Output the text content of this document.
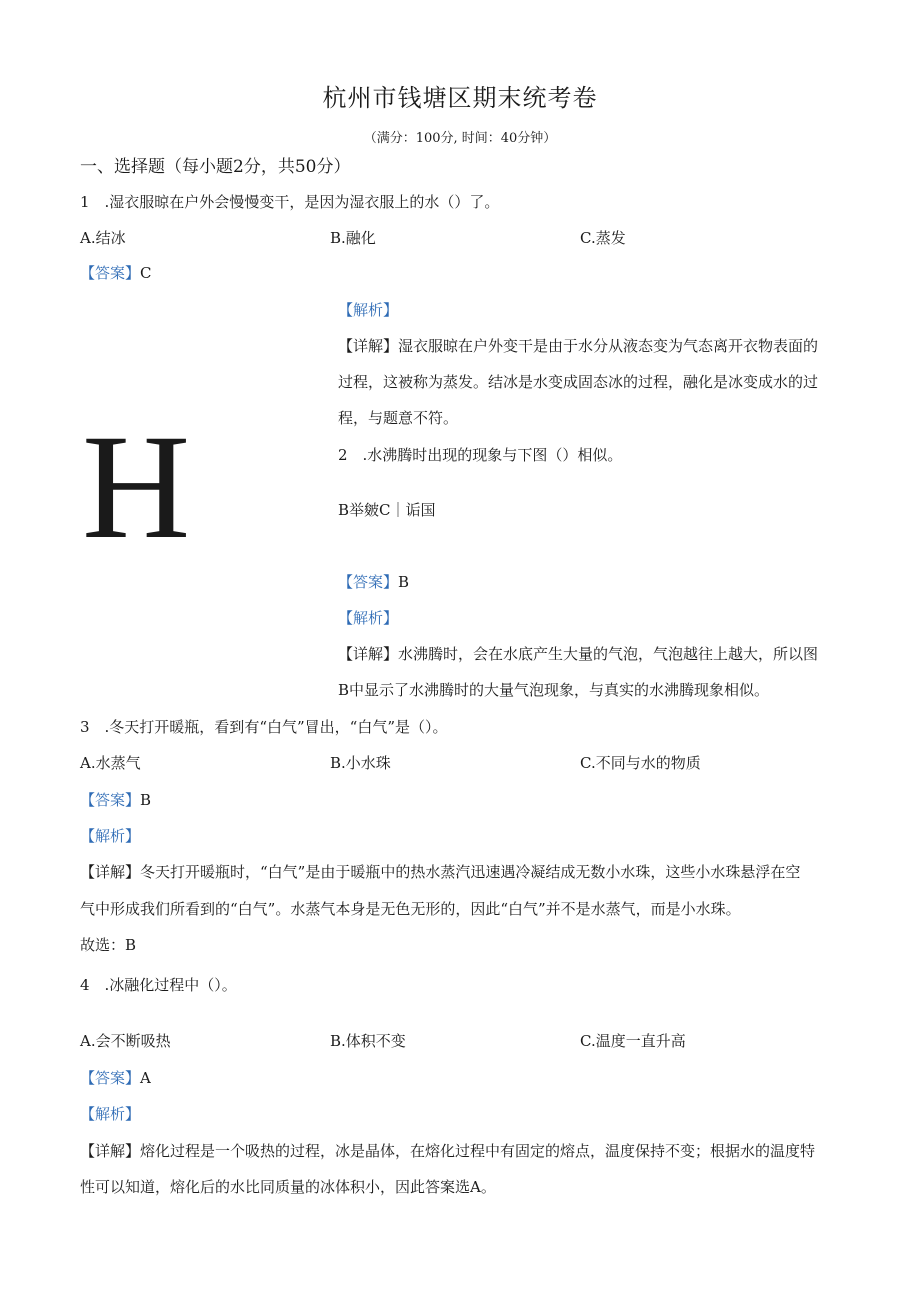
杭州市钱塘区期末统考卷
（满分：100分, 时间：40分钟）
一、选择题（每小题2分，共50分）
1　.湿衣服晾在户外会慢慢变干，是因为湿衣服上的水（）了。
A.结冰	B.融化	C.蒸发
【答案】C
【解析】
【详解】湿衣服晾在户外变干是由于水分从液态变为气态离开衣物表面的
过程，这被称为蒸发。结冰是水变成固态冰的过程，融化是冰变成水的过
程，与题意不符。
H	2　.水沸腾时出现的现象与下图（）相似。
B举皴C｜诟国
【答案】B
【解析】
【详解】水沸腾时，会在水底产生大量的气泡，气泡越往上越大，所以图
B中显示了水沸腾时的大量气泡现象，与真实的水沸腾现象相似。
3　.冬天打开暖瓶，看到有“白气”冒出，“白气”是（）。
A.水蒸气	B.小水珠	C.不同与水的物质
【答案】B
【解析】
【详解】冬天打开暖瓶时，“白气”是由于暖瓶中的热水蒸汽迅速遇冷凝结成无数小水珠，这些小水珠悬浮在空
气中形成我们所看到的“白气”。水蒸气本身是无色无形的，因此“白气”并不是水蒸气，而是小水珠。
故选：B
4　.冰融化过程中（）。
A.会不断吸热	B.体积不变	C.温度一直升高
【答案】A
【解析】
【详解】熔化过程是一个吸热的过程，冰是晶体，在熔化过程中有固定的熔点，温度保持不变；根据水的温度特
性可以知道，熔化后的水比同质量的冰体积小，因此答案选A。
